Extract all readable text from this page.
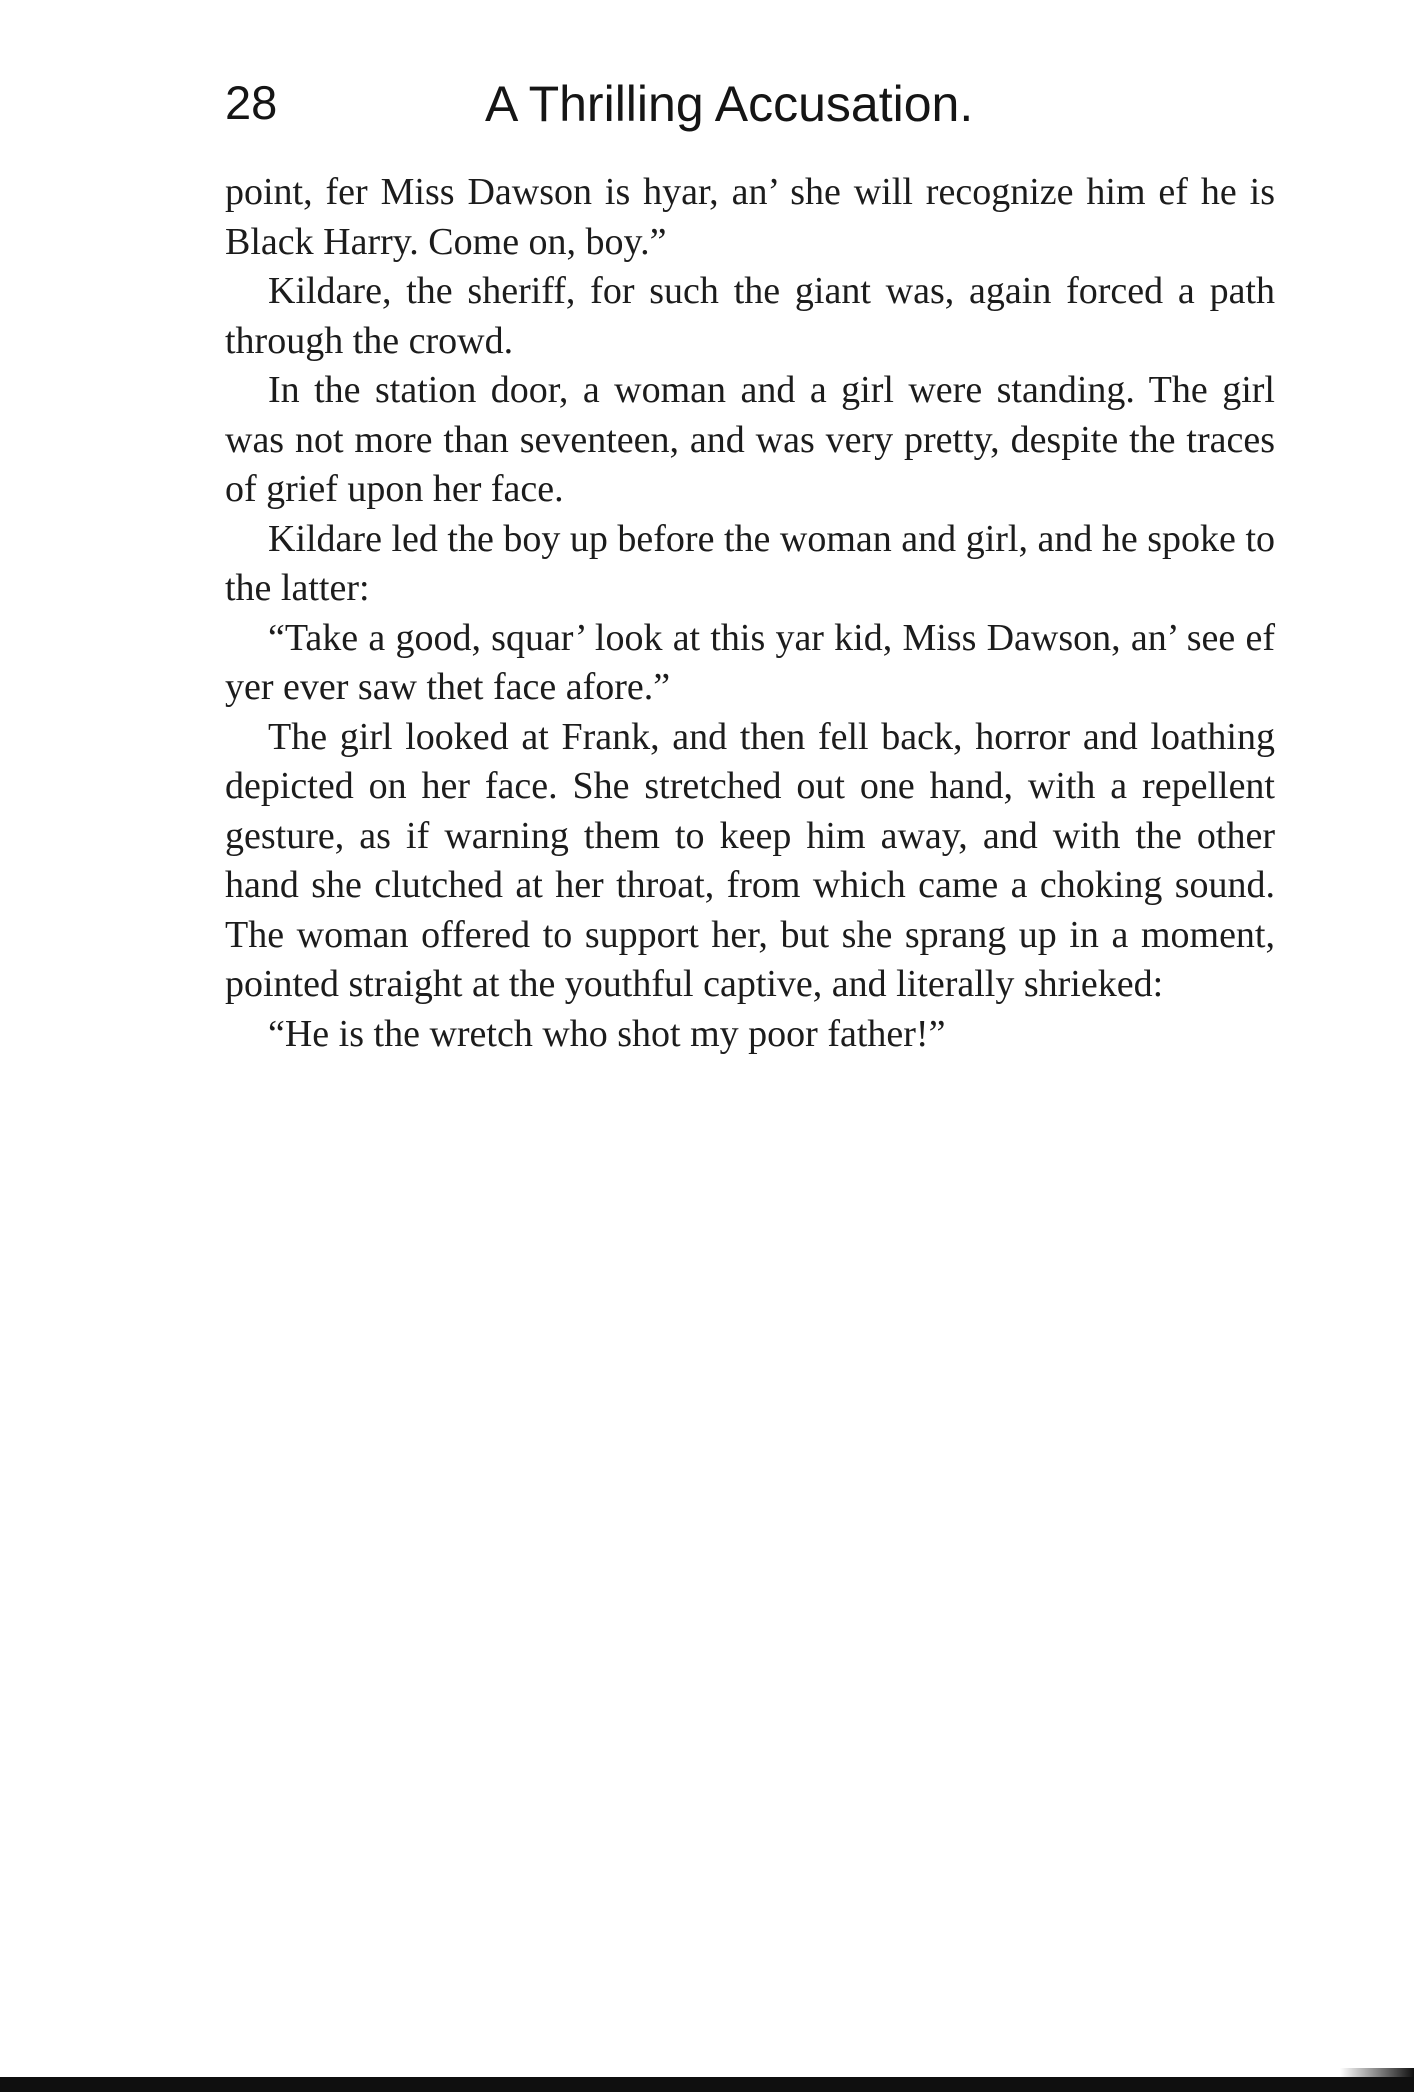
28	A Thrilling Accusation.

point, fer Miss Dawson is hyar, an’ she will recognize him ef he is Black Harry. Come on, boy.”

Kildare, the sheriff, for such the giant was, again forced a path through the crowd.

In the station door, a woman and a girl were standing. The girl was not more than seventeen, and was very pretty, despite the traces of grief upon her face.

Kildare led the boy up before the woman and girl, and he spoke to the latter:

“Take a good, squar’ look at this yar kid, Miss Dawson, an’ see ef yer ever saw thet face afore.”

The girl looked at Frank, and then fell back, horror and loathing depicted on her face. She stretched out one hand, with a repellent gesture, as if warning them to keep him away, and with the other hand she clutched at her throat, from which came a choking sound. The woman offered to support her, but she sprang up in a moment, pointed straight at the youthful captive, and literally shrieked:

“He is the wretch who shot my poor father!”
